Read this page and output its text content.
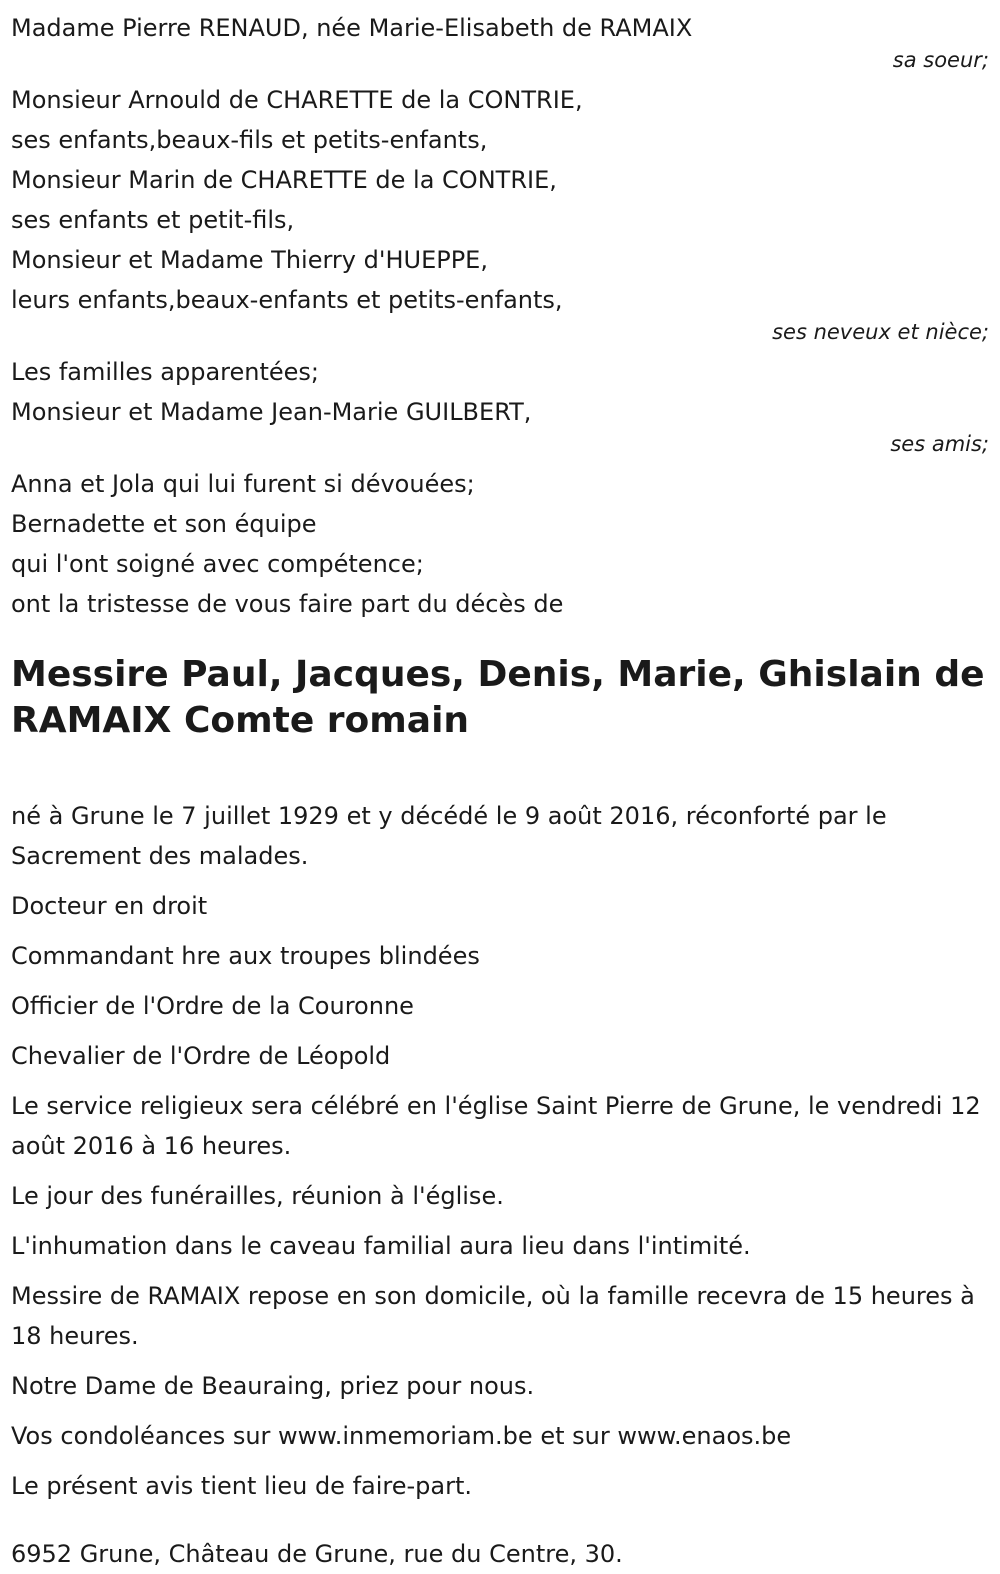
Madame Pierre RENAUD, née Marie-Elisabeth de RAMAIX

sa soeur;

Monsieur Arnould de CHARETTE de la CONTRIE,

ses enfants,beaux-fils et petits-enfants,

Monsieur Marin de CHARETTE de la CONTRIE,

ses enfants et petit-fils,

Monsieur et Madame Thierry d'HUEPPE,

leurs enfants,beaux-enfants et petits-enfants,

ses neveux et nièce;

Les familles apparentées;

Monsieur et Madame Jean-Marie GUILBERT,

ses amis;

Anna et Jola qui lui furent si dévouées;

Bernadette et son équipe

qui l'ont soigné avec compétence;

ont la tristesse de vous faire part du décès de

Messire Paul, Jacques, Denis, Marie, Ghislain de RAMAIX Comte romain

né à Grune le 7 juillet 1929 et y décédé le 9 août 2016, réconforté par le Sacrement des malades.

Docteur en droit

Commandant hre aux troupes blindées

Officier de l'Ordre de la Couronne

Chevalier de l'Ordre de Léopold

Le service religieux sera célébré en l'église Saint Pierre de Grune, le vendredi 12 août 2016 à 16 heures.

Le jour des funérailles, réunion à l'église.

L'inhumation dans le caveau familial aura lieu dans l'intimité.

Messire de RAMAIX repose en son domicile, où la famille recevra de 15 heures à 18 heures.

Notre Dame de Beauraing, priez pour nous.

Vos condoléances sur www.inmemoriam.be et sur www.enaos.be

Le présent avis tient lieu de faire-part.

6952 Grune, Château de Grune, rue du Centre, 30.
